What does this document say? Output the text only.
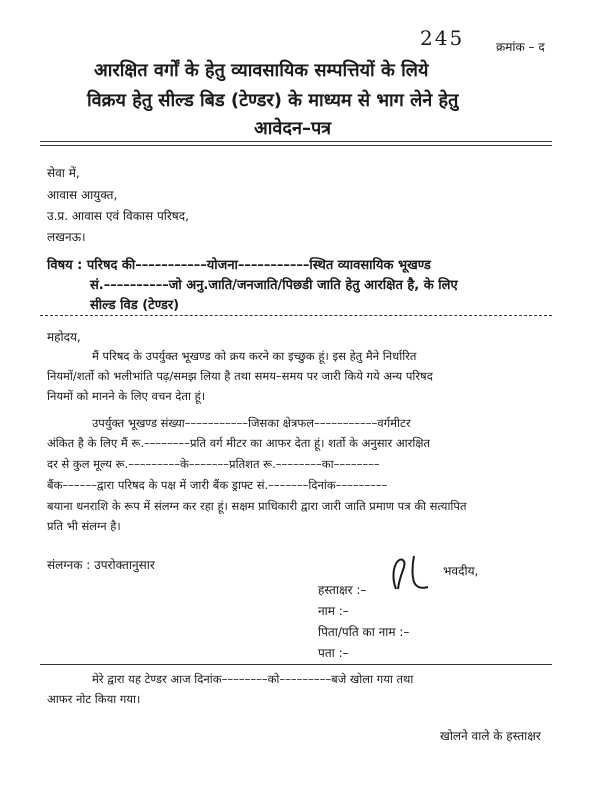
245	क्रमांक – द
आरक्षित वर्गों के हेतु व्यावसायिक सम्पत्तियों के लिये
विक्रय हेतु सील्ड बिड (टेण्डर) के माध्यम से भाग लेने हेतु
आवेदन–पत्र
सेवा में,
आवास आयुक्त,
उ.प्र. आवास एवं विकास परिषद,
लखनऊ।
विषय : परिषद की–––––––––––योजना–––––––––––स्थित व्यावसायिक भूखण्ड
सं.––––––––––जो अनु.जाति/जनजाति/पिछडी जाति हेतु आरक्षित है, के लिए
सील्ड विड (टेण्डर)
महोदय,
मैं परिषद के उपर्युक्त भूखण्ड को क्रय करने का इच्छुक हूं। इस हेतु मैने निर्धारित
नियमों/शर्तो को भलीभांति पढ़/समझ लिया है तथा समय–समय पर जारी किये गये अन्य परिषद
नियमों को मानने के लिए वचन देता हूं।
उपर्युक्त भूखण्ड संख्या–––––––––––जिसका क्षेत्रफल–––––––––––वर्गमीटर
अंकित है के लिए मैं रू.––––––––प्रति वर्ग मीटर का आफर देता हूं। शर्तो के अनुसार आरक्षित
दर से कुल मूल्य रू.–––––––––के–––––––प्रतिशत रू.––––––––का––––––––
बैंक––––––द्वारा परिषद के पक्ष में जारी बैंक ड्राफ्ट सं.–––––––दिनांक–––––––––
बयाना धनराशि के रूप में संलग्न कर रहा हूं। सक्षम प्राधिकारी द्वारा जारी जाति प्रमाण पत्र की सत्यापित
प्रति भी संलग्न है।
संलग्नक : उपरोक्तानुसार	भवदीय,
हस्ताक्षर :–
नाम :–
पिता/पति का नाम :–
पता :–
मेरे द्वारा यह टेण्डर आज दिनांक––––––––को–––––––––बजे खोला गया तथा
आफर नोट किया गया।
खोलने वाले के हस्ताक्षर
